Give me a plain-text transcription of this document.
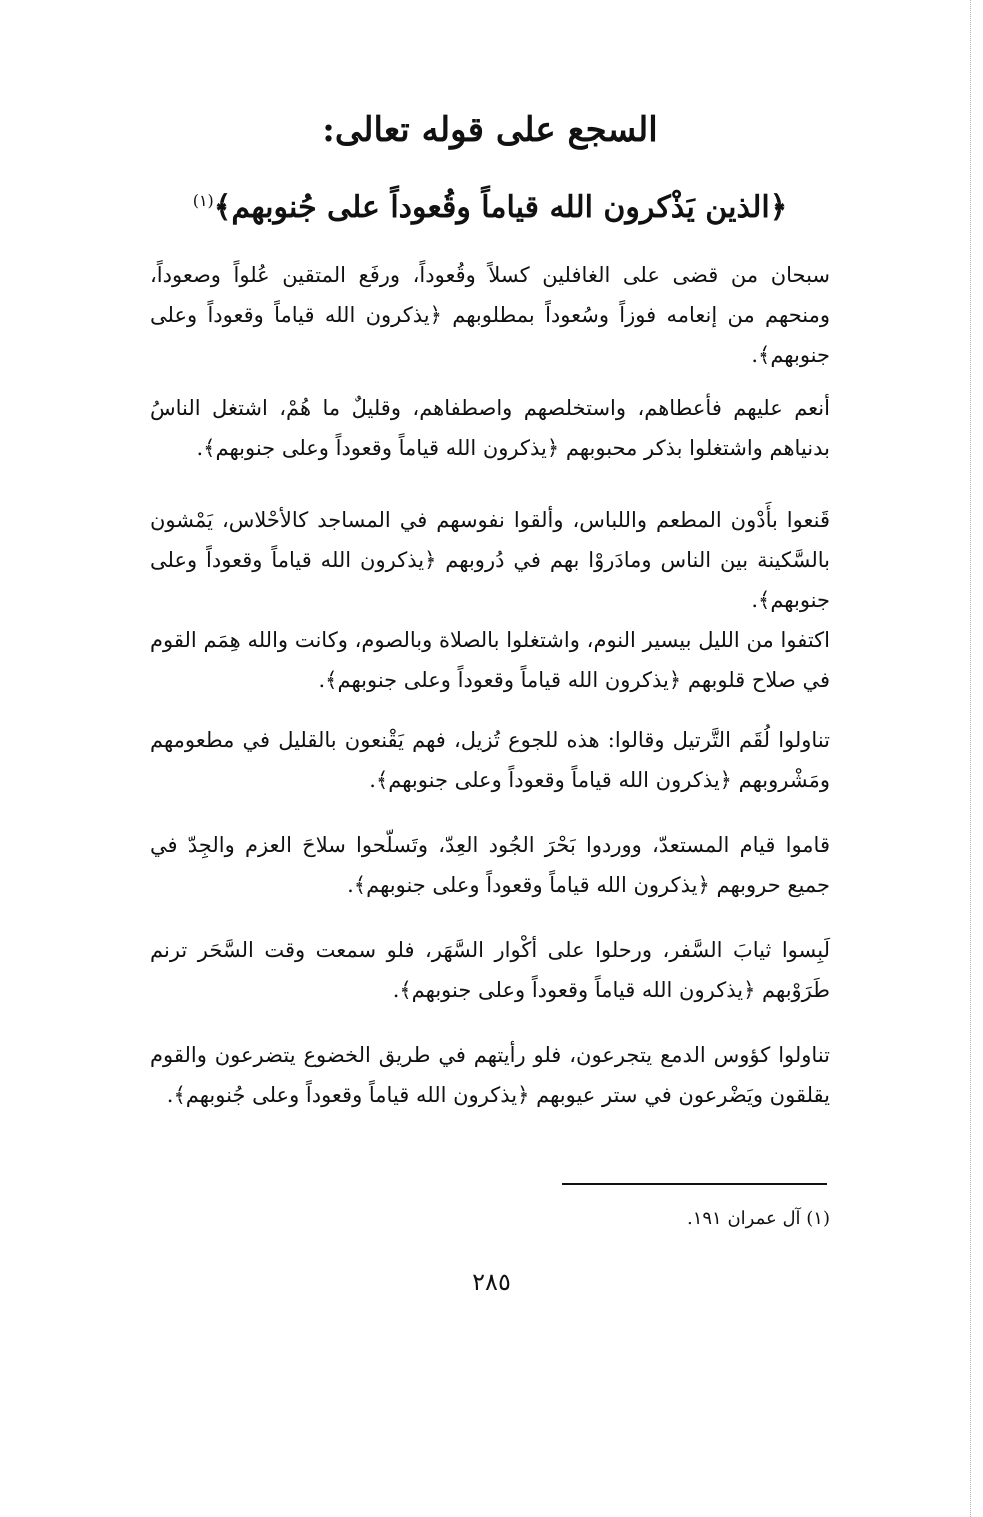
السجع على قوله تعالى:
﴿الذين يَذْكرون الله قياماً وقُعوداً على جُنوبهم﴾$^{(١)}$

سبحان من قضى على الغافلين كسلاً وقُعوداً، ورفَع المتقين عُلواً وصعوداً، ومنحهم من إنعامه فوزاً وسُعوداً بمطلوبهم ﴿يذكرون الله قياماً وقعوداً وعلى جنوبهم﴾.

أنعم عليهم فأعطاهم، واستخلصهم واصطفاهم، وقليلٌ ما هُمْ، اشتغل الناسُ بدنياهم واشتغلوا بذكر محبوبهم ﴿يذكرون الله قياماً وقعوداً وعلى جنوبهم﴾.

قَنعوا بأَدْون المطعم واللباس، وألقوا نفوسهم في المساجد كالأحْلاس، يَمْشون بالسَّكينة بين الناس ومادَروْا بهم في دُروبهم ﴿يذكرون الله قياماً وقعوداً وعلى جنوبهم﴾.

اكتفوا من الليل بيسير النوم، واشتغلوا بالصلاة وبالصوم، وكانت والله هِمَم القوم في صلاح قلوبهم ﴿يذكرون الله قياماً وقعوداً وعلى جنوبهم﴾.

تناولوا لُقَم التَّرتيل وقالوا: هذه للجوع تُزيل، فهم يَقْنعون بالقليل في مطعومهم ومَشْروبهم ﴿يذكرون الله قياماً وقعوداً وعلى جنوبهم﴾.

قاموا قيام المستعدّ، ووردوا بَحْرَ الجُود العِدّ، وتَسلّحوا سلاحَ العزم والجِدّ في جميع حروبهم ﴿يذكرون الله قياماً وقعوداً وعلى جنوبهم﴾.

لَبِسوا ثيابَ السَّفر، ورحلوا على أكْوار السَّهَر، فلو سمعت وقت السَّحَر ترنم طَرَوْبهم ﴿يذكرون الله قياماً وقعوداً وعلى جنوبهم﴾.

تناولوا كؤوس الدمع يتجرعون، فلو رأيتهم في طريق الخضوع يتضرعون والقوم يقلقون ويَضْرعون في ستر عيوبهم ﴿يذكرون الله قياماً وقعوداً وعلى جُنوبهم﴾.

(١) آل عمران ١٩١.

٢٨٥
